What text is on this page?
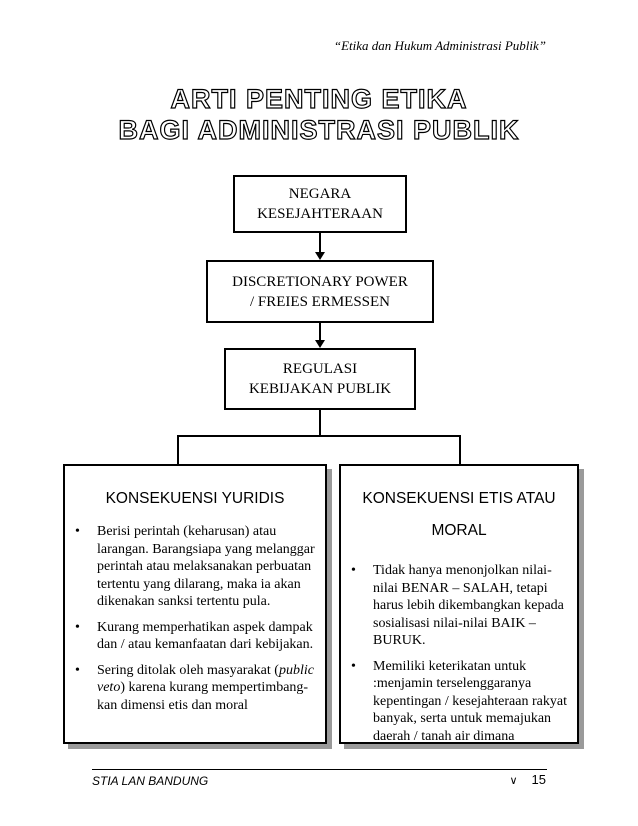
“Etika dan Hukum Administrasi Publik”
ARTI PENTING ETIKA
BAGI ADMINISTRASI PUBLIK
NEGARA
KESEJAHTERAAN
DISCRETIONARY POWER
/ FREIES ERMESSEN
REGULASI
KEBIJAKAN PUBLIK
KONSEKUENSI YURIDIS
• Berisi perintah (keharusan) atau larangan. Barangsiapa yang melanggar perintah atau melaksanakan perbuatan tertentu yang dilarang, maka ia akan dikenakan sanksi tertentu pula.
• Kurang memperhatikan aspek dampak dan / atau kemanfaatan dari kebijakan.
• Sering ditolak oleh masyarakat (public veto) karena kurang mempertimbang-kan dimensi etis dan moral
KONSEKUENSI ETIS ATAU
MORAL
• Tidak hanya menonjolkan nilai-nilai BENAR – SALAH, tetapi harus lebih dikembangkan kepada sosialisasi nilai-nilai BAIK – BURUK.
• Memiliki keterikatan untuk :menjamin terselenggaranya kepentingan / kesejahteraan rakyat banyak, serta untuk memajukan daerah / tanah air dimana
STIA LAN BANDUNG	∨ 15
